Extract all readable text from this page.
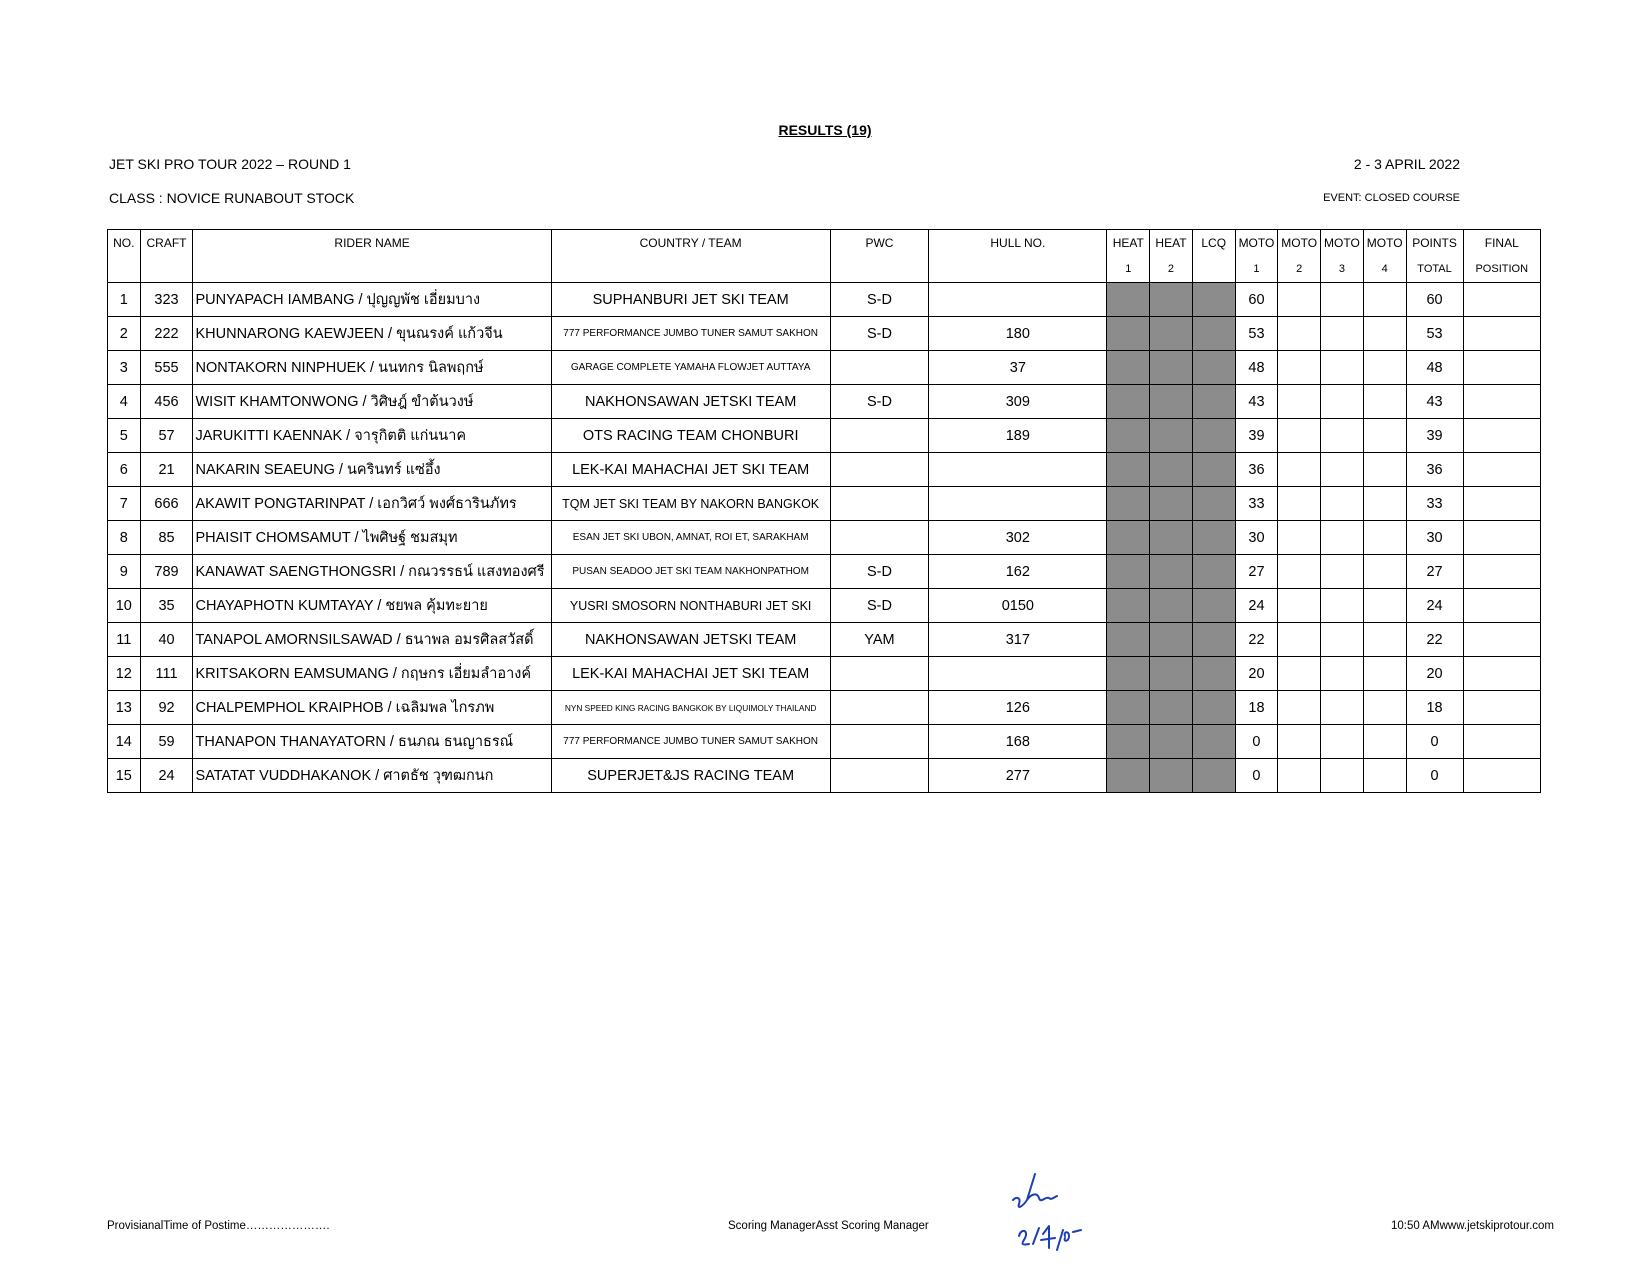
RESULTS (19)
JET SKI PRO TOUR 2022 – ROUND 1	2 - 3 APRIL 2022
CLASS : NOVICE RUNABOUT STOCK	EVENT: CLOSED COURSE
NO.	CRAFT	RIDER NAME	COUNTRY / TEAM	PWC	HULL NO.	HEAT	HEAT	LCQ	MOTO	MOTO	MOTO	MOTO	POINTS	FINAL
						1	2		1	2	3	4	TOTAL	POSITION
1	323	PUNYAPACH IAMBANG / ปุญญพัช เอี่ยมบาง	SUPHANBURI JET SKI TEAM	S-D					60				60	
2	222	KHUNNARONG KAEWJEEN / ขุนณรงค์ แก้วจีน	777 PERFORMANCE JUMBO TUNER SAMUT SAKHON	S-D	180				53				53	
3	555	NONTAKORN NINPHUEK / นนทกร นิลพฤกษ์	GARAGE COMPLETE YAMAHA FLOWJET AUTTAYA		37				48				48	
4	456	WISIT KHAMTONWONG / วิศิษฎ์ ขำต้นวงษ์	NAKHONSAWAN JETSKI TEAM	S-D	309				43				43	
5	57	JARUKITTI KAENNAK / จารุกิตติ แก่นนาค	OTS RACING TEAM CHONBURI		189				39				39	
6	21	NAKARIN SEAEUNG / นครินทร์ แซ่อึ้ง	LEK-KAI MAHACHAI JET SKI TEAM						36				36	
7	666	AKAWIT PONGTARINPAT / เอกวิศว์ พงศ์ธารินภัทร	TQM JET SKI TEAM BY NAKORN BANGKOK						33				33	
8	85	PHAISIT CHOMSAMUT / ไพศิษฐ์ ชมสมุท	ESAN JET SKI UBON, AMNAT, ROI ET, SARAKHAM		302				30				30	
9	789	KANAWAT SAENGTHONGSRI / กณวรรธน์ แสงทองศรี	PUSAN SEADOO JET SKI TEAM NAKHONPATHOM	S-D	162				27				27	
10	35	CHAYAPHOTN KUMTAYAY / ชยพล คุ้มทะยาย	YUSRI SMOSORN NONTHABURI JET SKI	S-D	0150				24				24	
11	40	TANAPOL AMORNSILSAWAD / ธนาพล อมรศิลสวัสดิ์	NAKHONSAWAN JETSKI TEAM	YAM	317				22				22	
12	111	KRITSAKORN EAMSUMANG / กฤษกร เอี่ยมลำอางค์	LEK-KAI MAHACHAI JET SKI TEAM						20				20	
13	92	CHALPEMPHOL KRAIPHOB / เฉลิมพล ไกรภพ	NYN SPEED KING RACING BANGKOK BY LIQUIMOLY THAILAND		126				18				18	
14	59	THANAPON THANAYATORN / ธนภณ ธนญาธรณ์	777 PERFORMANCE JUMBO TUNER SAMUT SAKHON		168				0				0	
15	24	SATATAT VUDDHAKANOK / ศาตธัช วุฑฒกนก	SUPERJET&JS RACING TEAM		277				0				0	
ProvisianalTime of Postime………………….	Scoring ManagerAsst Scoring Manager	10:50 AMwww.jetskiprotour.com
